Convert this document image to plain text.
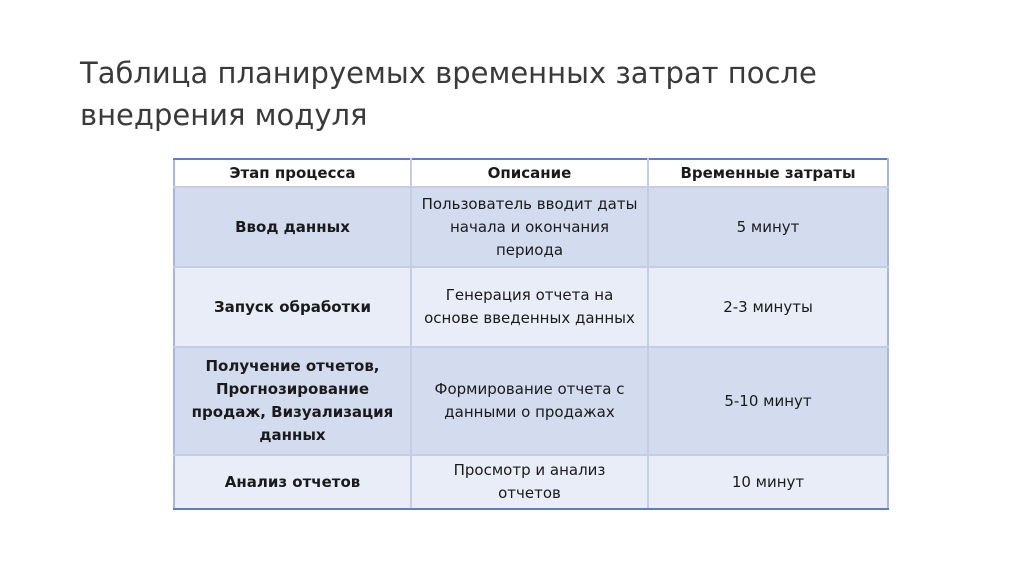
Таблица планируемых временных затрат после внедрения модуля
Этап процесса	Описание	Временные затраты

Ввод данных	Пользователь вводит даты начала и окончания периода	5 минут

Запуск обработки	Генерация отчета на основе введенных данных	2-3 минуты

Получение отчетов, Прогнозирование продаж, Визуализация данных	Формирование отчета с данными о продажах	5-10 минут

Анализ отчетов	Просмотр и анализ отчетов	10 минут
